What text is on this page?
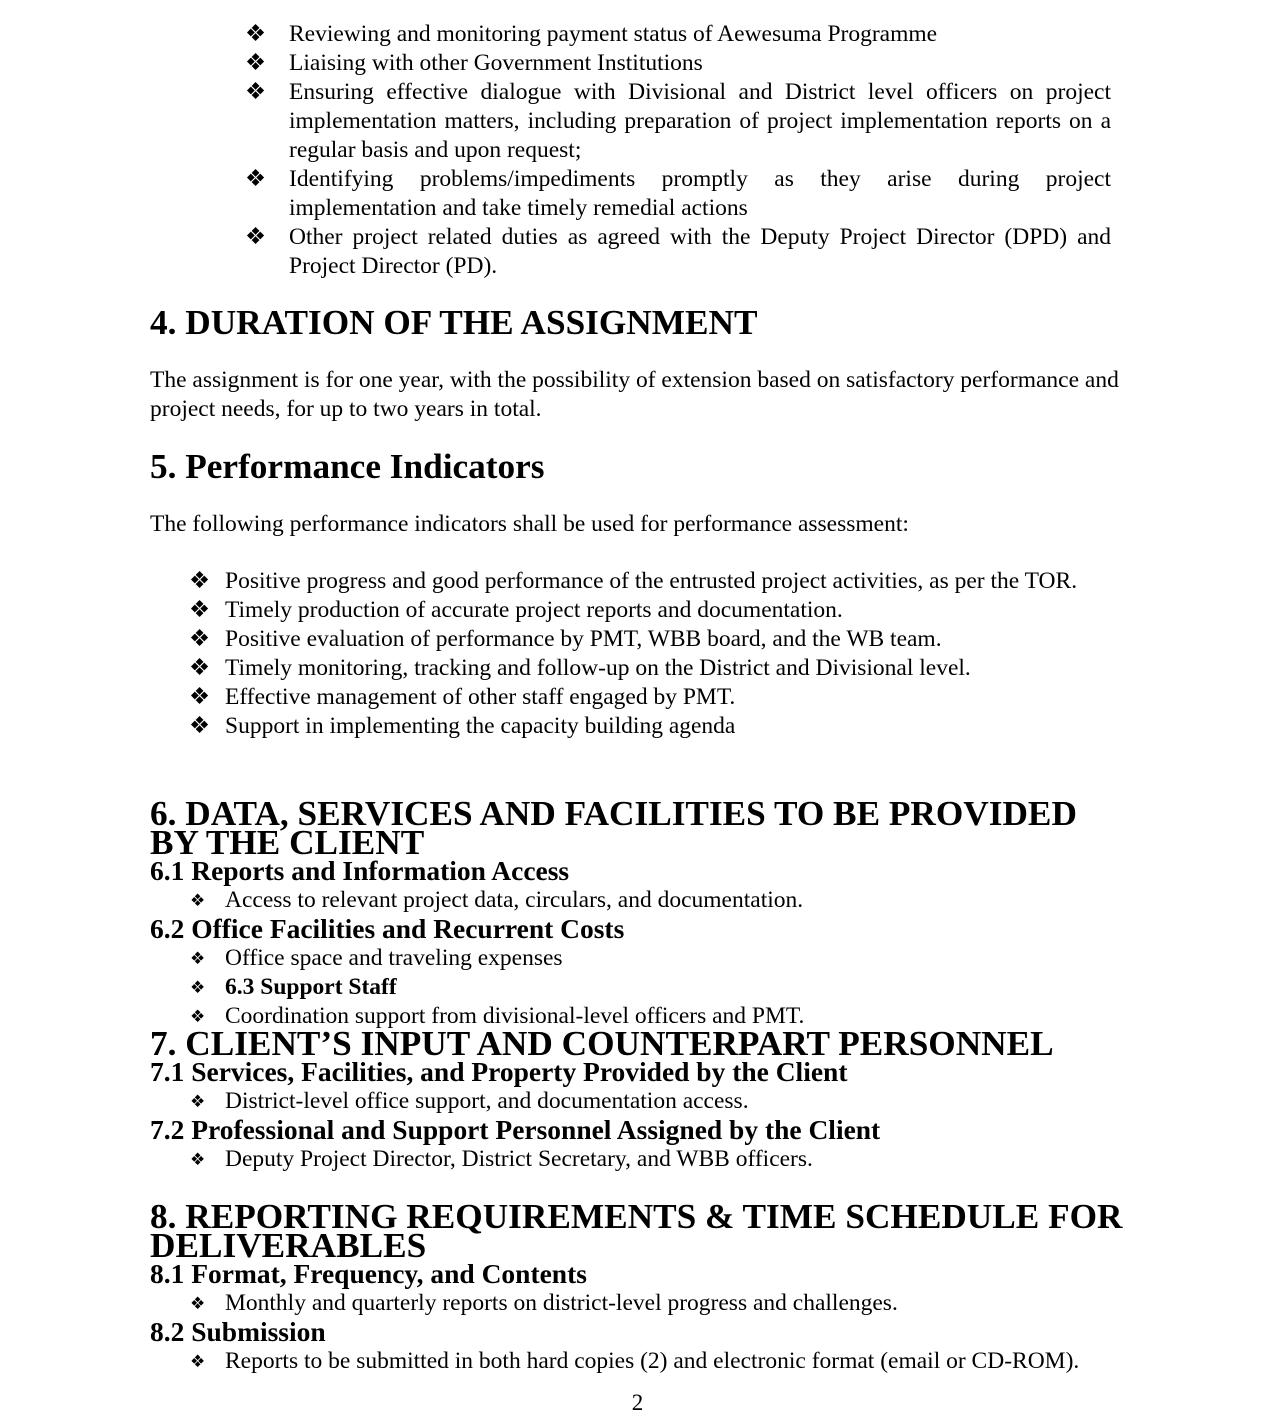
❖ Reviewing and monitoring payment status of Aewesuma Programme
❖ Liaising with other Government Institutions
❖ Ensuring effective dialogue with Divisional and District level officers on project implementation matters, including preparation of project implementation reports on a regular basis and upon request;
❖ Identifying problems/impediments promptly as they arise during project implementation and take timely remedial actions
❖ Other project related duties as agreed with the Deputy Project Director (DPD) and Project Director (PD).
4. DURATION OF THE ASSIGNMENT

The assignment is for one year, with the possibility of extension based on satisfactory performance and project needs, for up to two years in total.

5. Performance Indicators

The following performance indicators shall be used for performance assessment:

❖ Positive progress and good performance of the entrusted project activities, as per the TOR.
❖ Timely production of accurate project reports and documentation.
❖ Positive evaluation of performance by PMT, WBB board, and the WB team.
❖ Timely monitoring, tracking and follow-up on the District and Divisional level.
❖ Effective management of other staff engaged by PMT.
❖ Support in implementing the capacity building agenda
6. DATA, SERVICES AND FACILITIES TO BE PROVIDED BY THE CLIENT
6.1 Reports and Information Access
❖ Access to relevant project data, circulars, and documentation.
6.2 Office Facilities and Recurrent Costs
❖ Office space and traveling expenses
❖ 6.3 Support Staff
❖ Coordination support from divisional-level officers and PMT.
7. CLIENT’S INPUT AND COUNTERPART PERSONNEL
7.1 Services, Facilities, and Property Provided by the Client
❖ District-level office support, and documentation access.
7.2 Professional and Support Personnel Assigned by the Client
❖ Deputy Project Director, District Secretary, and WBB officers.
8. REPORTING REQUIREMENTS & TIME SCHEDULE FOR DELIVERABLES
8.1 Format, Frequency, and Contents
❖ Monthly and quarterly reports on district-level progress and challenges.
8.2 Submission
❖ Reports to be submitted in both hard copies (2) and electronic format (email or CD-ROM).
2
